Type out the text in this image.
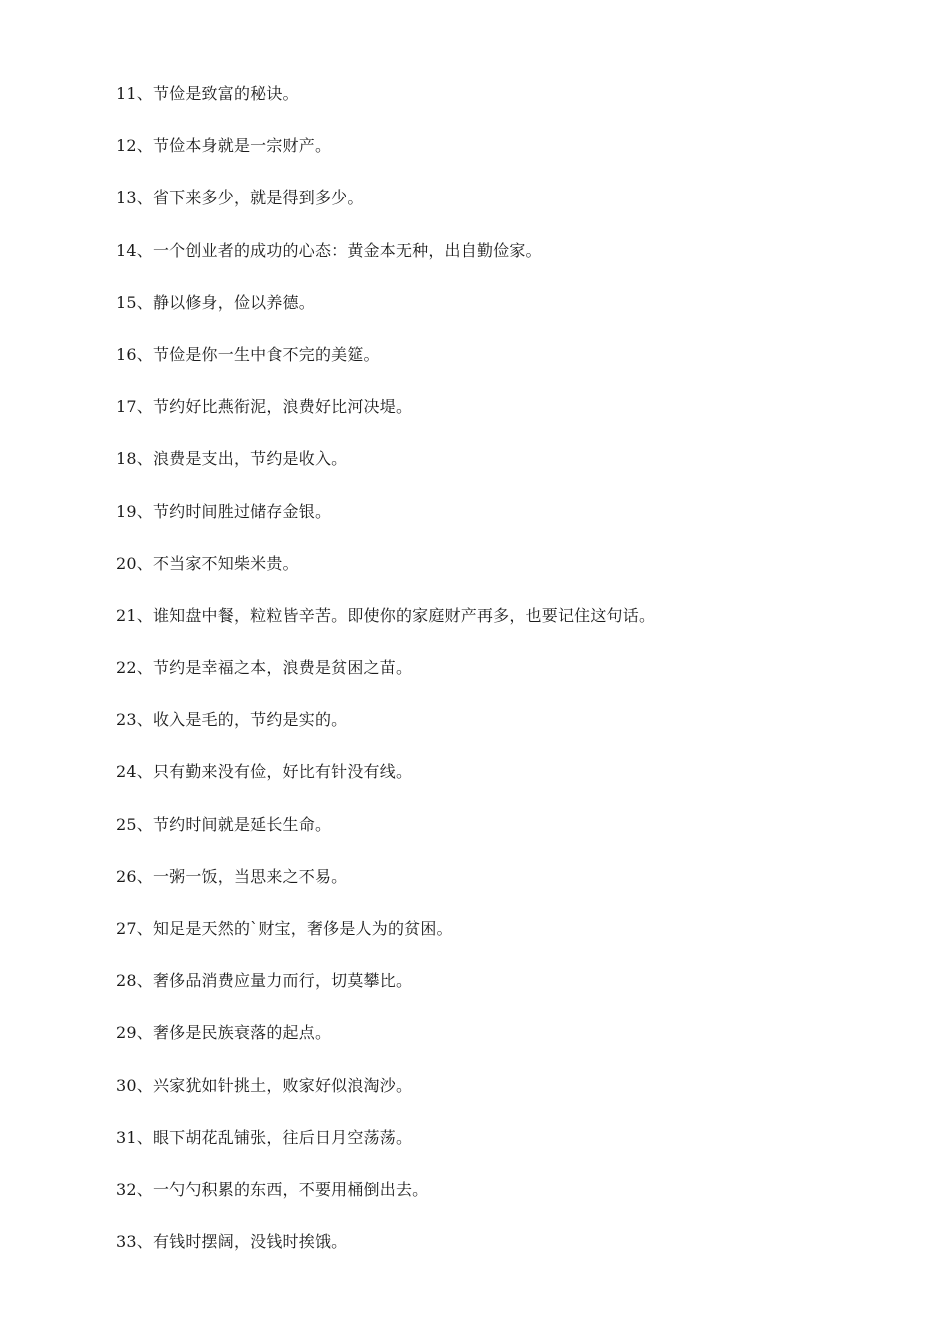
11、节俭是致富的秘诀。
12、节俭本身就是一宗财产。
13、省下来多少，就是得到多少。
14、一个创业者的成功的心态：黄金本无种，出自勤俭家。
15、静以修身，俭以养德。
16、节俭是你一生中食不完的美筵。
17、节约好比燕衔泥，浪费好比河决堤。
18、浪费是支出，节约是收入。
19、节约时间胜过储存金银。
20、不当家不知柴米贵。
21、谁知盘中餐，粒粒皆辛苦。即使你的家庭财产再多，也要记住这句话。
22、节约是幸福之本，浪费是贫困之苗。
23、收入是毛的，节约是实的。
24、只有勤来没有俭，好比有针没有线。
25、节约时间就是延长生命。
26、一粥一饭，当思来之不易。
27、知足是天然的`财宝，奢侈是人为的贫困。
28、奢侈品消费应量力而行，切莫攀比。
29、奢侈是民族衰落的起点。
30、兴家犹如针挑土，败家好似浪淘沙。
31、眼下胡花乱铺张，往后日月空荡荡。
32、一勺勺积累的东西，不要用桶倒出去。
33、有钱时摆阔，没钱时挨饿。
